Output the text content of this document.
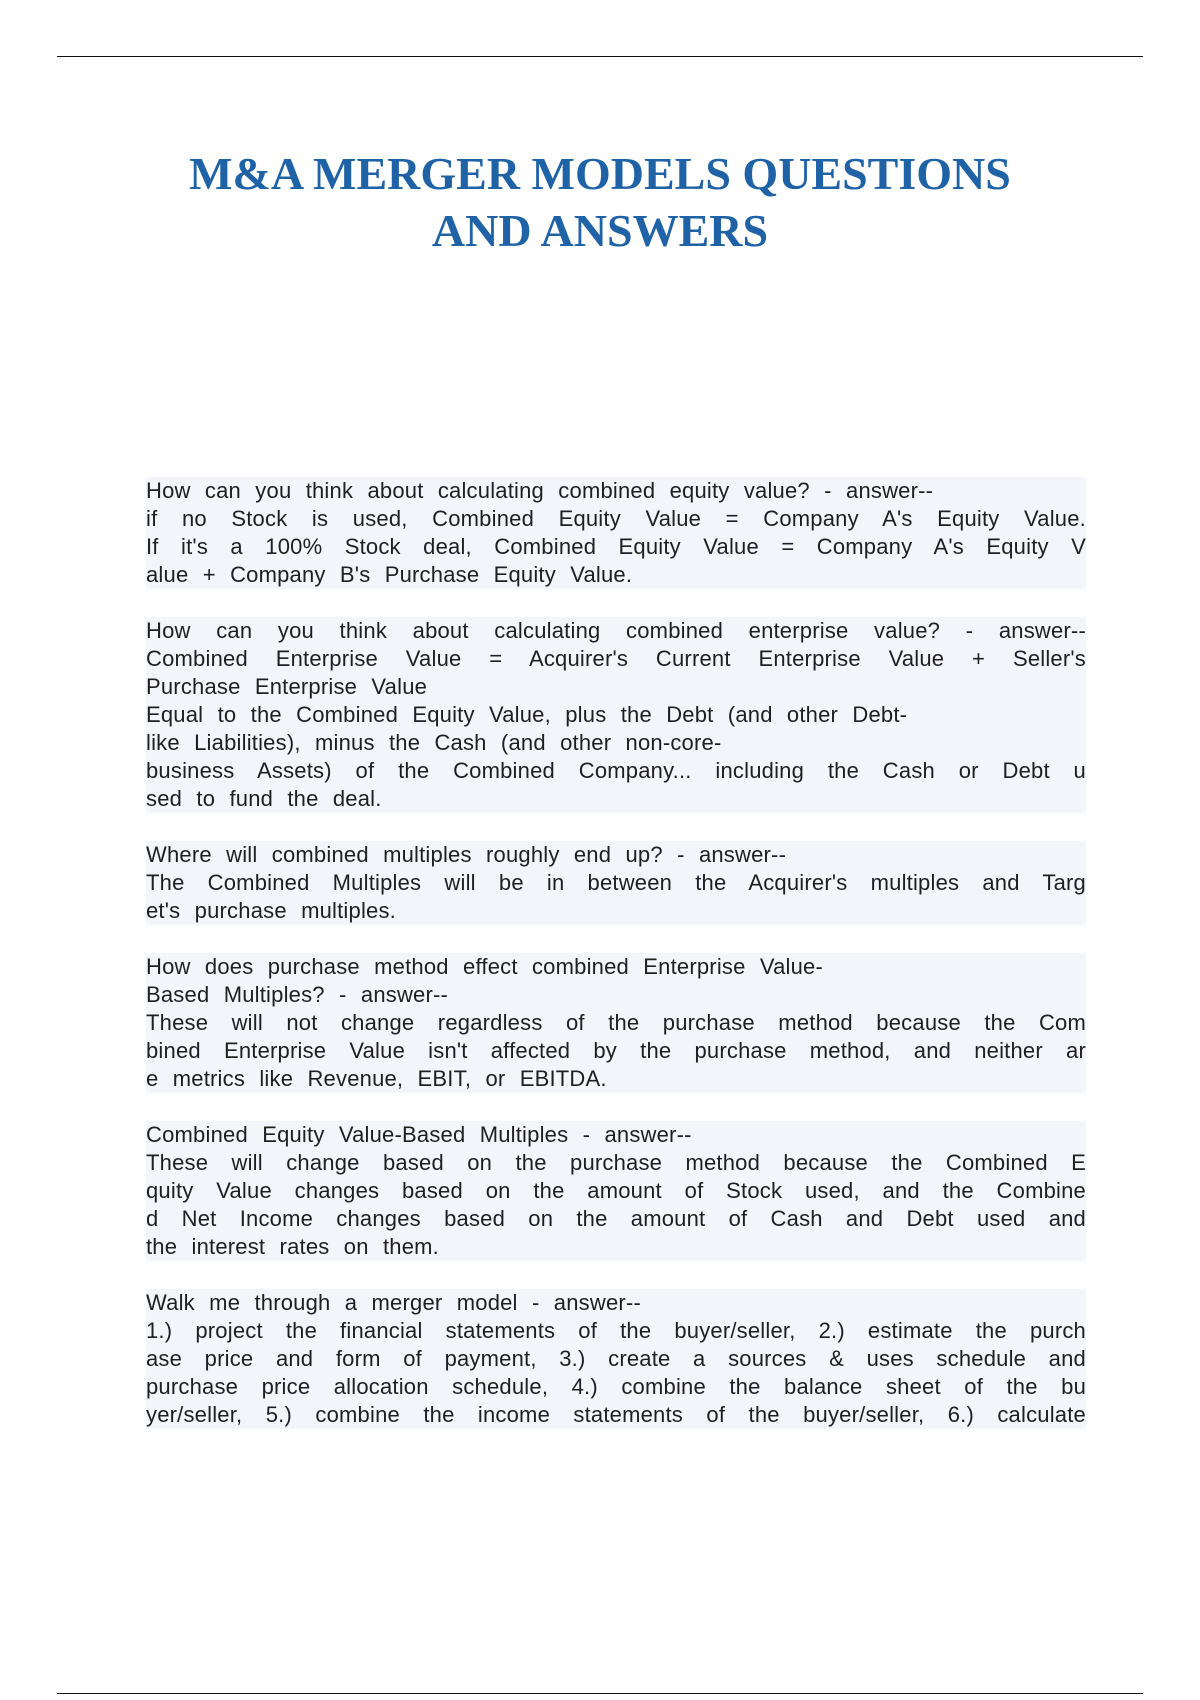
M&A MERGER MODELS QUESTIONS
AND ANSWERS
How can you think about calculating combined equity value? - answer--
if no Stock is used, Combined Equity Value = Company A's Equity Value.
If it's a 100% Stock deal, Combined Equity Value = Company A's Equity V
alue + Company B's Purchase Equity Value.
How can you think about calculating combined enterprise value? - answer--
Combined Enterprise Value = Acquirer's Current Enterprise Value + Seller's
Purchase Enterprise Value
Equal to the Combined Equity Value, plus the Debt (and other Debt-
like Liabilities), minus the Cash (and other non-core-
business Assets) of the Combined Company... including the Cash or Debt u
sed to fund the deal.
Where will combined multiples roughly end up? - answer--
The Combined Multiples will be in between the Acquirer's multiples and Targ
et's purchase multiples.
How does purchase method effect combined Enterprise Value-
Based Multiples? - answer--
These will not change regardless of the purchase method because the Com
bined Enterprise Value isn't affected by the purchase method, and neither ar
e metrics like Revenue, EBIT, or EBITDA.
Combined Equity Value-Based Multiples - answer--
These will change based on the purchase method because the Combined E
quity Value changes based on the amount of Stock used, and the Combine
d Net Income changes based on the amount of Cash and Debt used and
the interest rates on them.
Walk me through a merger model - answer--
1.) project the financial statements of the buyer/seller, 2.) estimate the purch
ase price and form of payment, 3.) create a sources & uses schedule and
purchase price allocation schedule, 4.) combine the balance sheet of the bu
yer/seller, 5.) combine the income statements of the buyer/seller, 6.) calculate
